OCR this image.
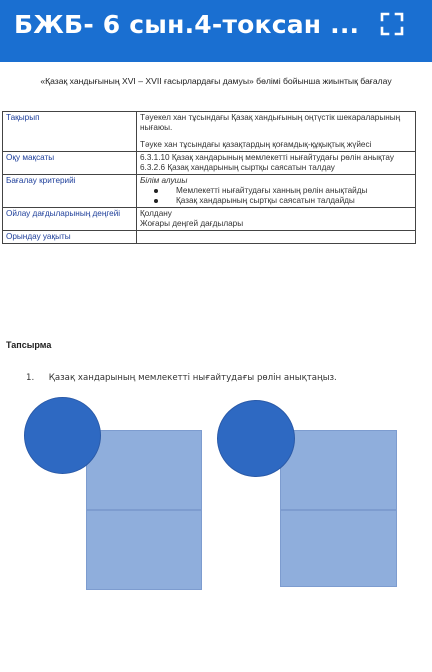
БЖБ- 6 сын.4-токсан ...
«Қазақ хандығының XVI – XVII ғасырлардағы дамуы» бөлімі бойынша жиынтық бағалау
Тақырып	Тәуекел хан тұсындағы Қазақ хандығының оңтүстік шекараларының нығаюы.
Тәуке хан тұсындағы қазақтардың қоғамдық-құқықтық жүйесі

Оқу мақсаты	6.3.1.10 Қазақ хандарының мемлекетті нығайтудағы рөлін анықтау
6.3.2.6 Қазақ хандарының сыртқы саясатын талдау

Бағалау критерийі	Білім алушы
Мемлекетті нығайтудағы ханның рөлін анықтайды
Қазақ хандарының сыртқы саясатын талдайды

Ойлау дағдыларының деңгейі	Қолдану
Жоғары деңгей дағдылары

Орындау уақыты	
Тапсырма
1. Қазақ хандарының мемлекетті нығайтудағы рөлін анықтаңыз.
